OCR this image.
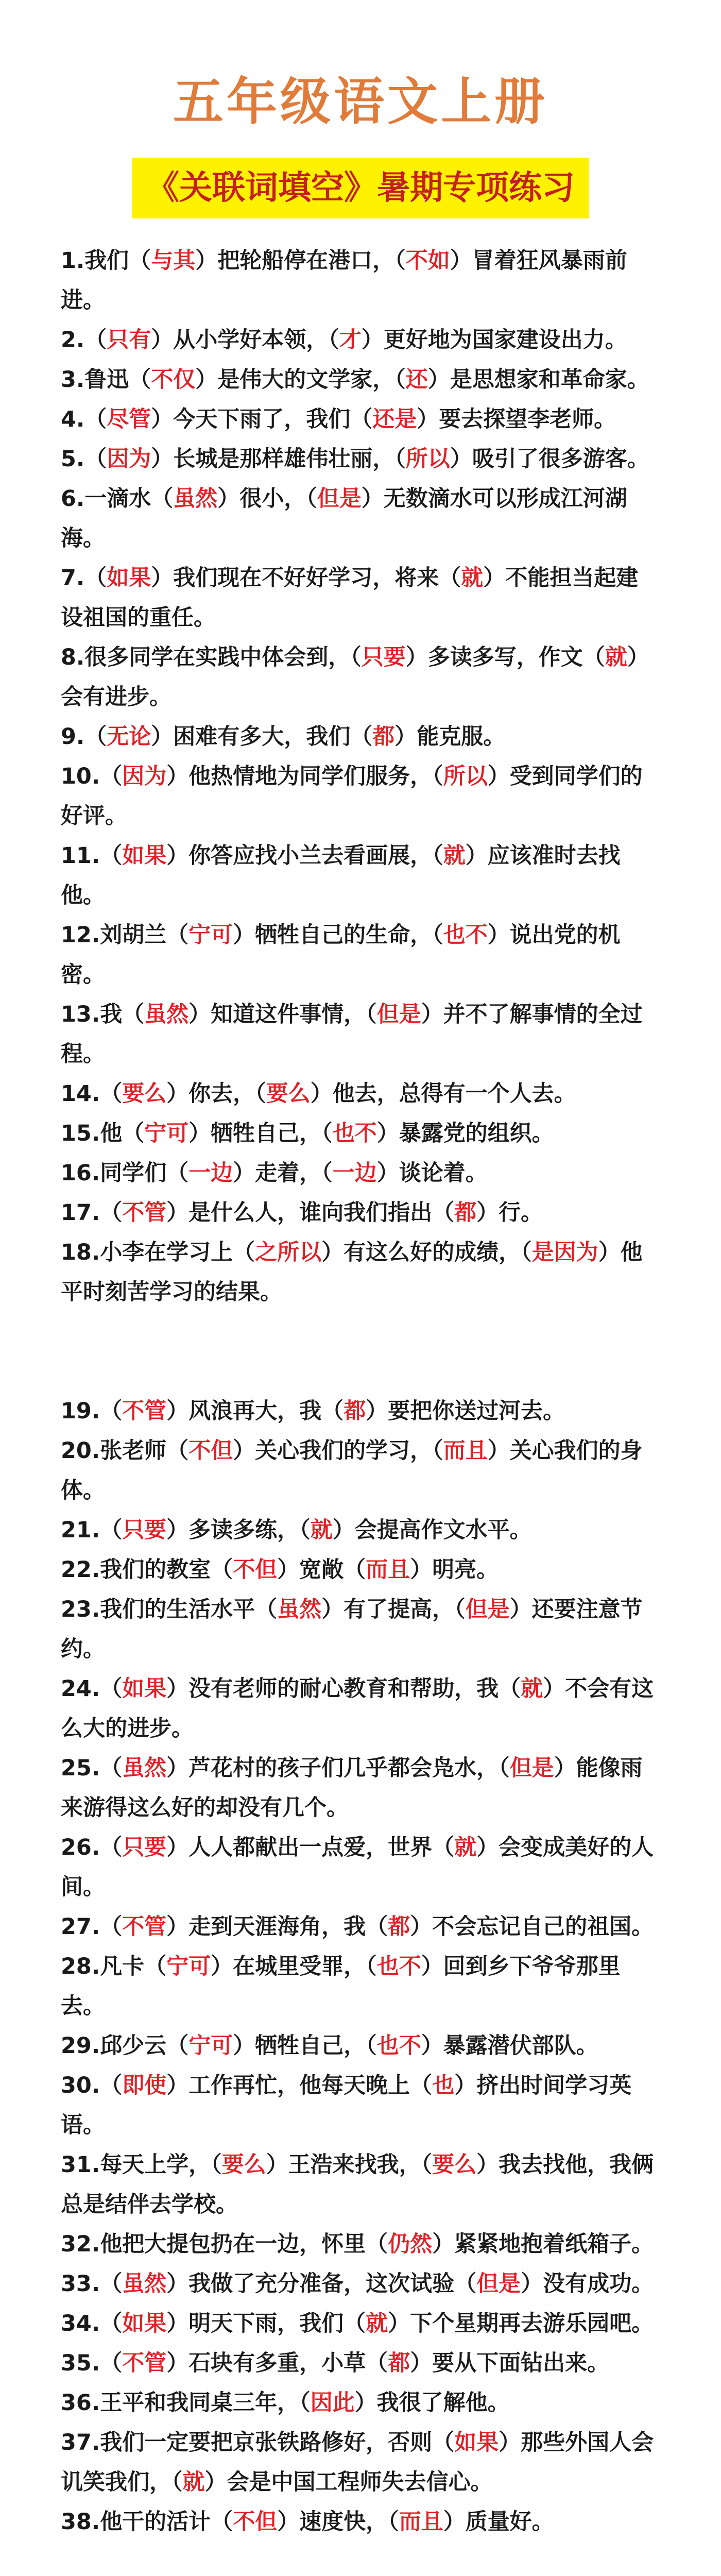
五年级语文上册
《关联词填空》暑期专项练习

1.我们（与其）把轮船停在港口，（不如）冒着狂风暴雨前进。

2.（只有）从小学好本领，（才）更好地为国家建设出力。

3.鲁迅（不仅）是伟大的文学家，（还）是思想家和革命家。

4.（尽管）今天下雨了，我们（还是）要去探望李老师。

5.（因为）长城是那样雄伟壮丽，（所以）吸引了很多游客。

6.一滴水（虽然）很小，（但是）无数滴水可以形成江河湖海。

7.（如果）我们现在不好好学习，将来（就）不能担当起建设祖国的重任。

8.很多同学在实践中体会到，（只要）多读多写，作文（就）会有进步。

9.（无论）困难有多大，我们（都）能克服。

10.（因为）他热情地为同学们服务，（所以）受到同学们的好评。

11.（如果）你答应找小兰去看画展，（就）应该准时去找他。

12.刘胡兰（宁可）牺牲自己的生命，（也不）说出党的机密。

13.我（虽然）知道这件事情，（但是）并不了解事情的全过程。

14.（要么）你去，（要么）他去，总得有一个人去。

15.他（宁可）牺牲自己，（也不）暴露党的组织。

16.同学们（一边）走着，（一边）谈论着。

17.（不管）是什么人，谁向我们指出（都）行。

18.小李在学习上（之所以）有这么好的成绩，（是因为）他平时刻苦学习的结果。

19.（不管）风浪再大，我（都）要把你送过河去。

20.张老师（不但）关心我们的学习，（而且）关心我们的身体。

21.（只要）多读多练，（就）会提高作文水平。

22.我们的教室（不但）宽敞（而且）明亮。

23.我们的生活水平（虽然）有了提高，（但是）还要注意节约。

24.（如果）没有老师的耐心教育和帮助，我（就）不会有这么大的进步。

25.（虽然）芦花村的孩子们几乎都会凫水，（但是）能像雨来游得这么好的却没有几个。

26.（只要）人人都献出一点爱，世界（就）会变成美好的人间。

27.（不管）走到天涯海角，我（都）不会忘记自己的祖国。

28.凡卡（宁可）在城里受罪，（也不）回到乡下爷爷那里去。

29.邱少云（宁可）牺牲自己，（也不）暴露潜伏部队。

30.（即使）工作再忙，他每天晚上（也）挤出时间学习英语。

31.每天上学，（要么）王浩来找我，（要么）我去找他，我俩总是结伴去学校。

32.他把大提包扔在一边，怀里（仍然）紧紧地抱着纸箱子。

33.（虽然）我做了充分准备，这次试验（但是）没有成功。

34.（如果）明天下雨，我们（就）下个星期再去游乐园吧。

35.（不管）石块有多重，小草（都）要从下面钻出来。

36.王平和我同桌三年，（因此）我很了解他。

37.我们一定要把京张铁路修好，否则（如果）那些外国人会讥笑我们，（就）会是中国工程师失去信心。

38.他干的活计（不但）速度快，（而且）质量好。
